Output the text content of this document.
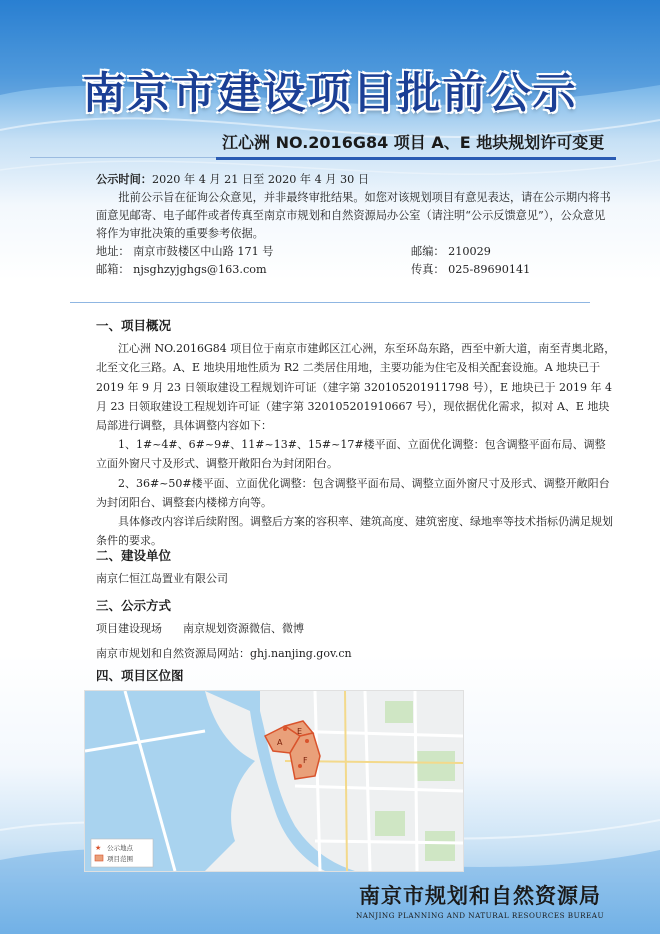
南京市建设项目批前公示
江心洲 NO.2016G84 项目 A、E 地块规划许可变更

公示时间：2020 年 4 月 21 日至 2020 年 4 月 30 日

批前公示旨在征询公众意见，并非最终审批结果。如您对该规划项目有意见表达，请在公示期内将书面意见邮寄、电子邮件或者传真至南京市规划和自然资源局办公室（请注明“公示反馈意见”），公众意见将作为审批决策的重要参考依据。

地址： 南京市鼓楼区中山路 171 号	邮编： 210029
邮箱： njsghzyjghgs@163.com	传真： 025-89690141

一、项目概况

江心洲 NO.2016G84 项目位于南京市建邺区江心洲，东至环岛东路，西至中新大道，南至青奥北路，北至文化三路。A、E 地块用地性质为 R2 二类居住用地，主要功能为住宅及相关配套设施。A 地块已于 2019 年 9 月 23 日领取建设工程规划许可证（建字第 320105201911798 号），E 地块已于 2019 年 4 月 23 日领取建设工程规划许可证（建字第 320105201910667 号），现依据优化需求，拟对 A、E 地块局部进行调整，具体调整内容如下：

1、1#~4#、6#~9#、11#~13#、15#~17#楼平面、立面优化调整：包含调整平面布局、调整立面外窗尺寸及形式、调整开敞阳台为封闭阳台。

2、36#~50#楼平面、立面优化调整：包含调整平面布局、调整立面外窗尺寸及形式、调整开敞阳台为封闭阳台、调整套内楼梯方向等。

具体修改内容详后续附图。调整后方案的容积率、建筑高度、建筑密度、绿地率等技术指标仍满足规划条件的要求。

二、建设单位

南京仁恒江岛置业有限公司

三、公示方式

项目建设现场      南京规划资源微信、微博

南京市规划和自然资源局网站：ghj.nanjing.gov.cn

四、项目区位图

A
E
F
★ 公示地点
项目范围
南京市规划和自然资源局
NANJING PLANNING AND NATURAL RESOURCES BUREAU
